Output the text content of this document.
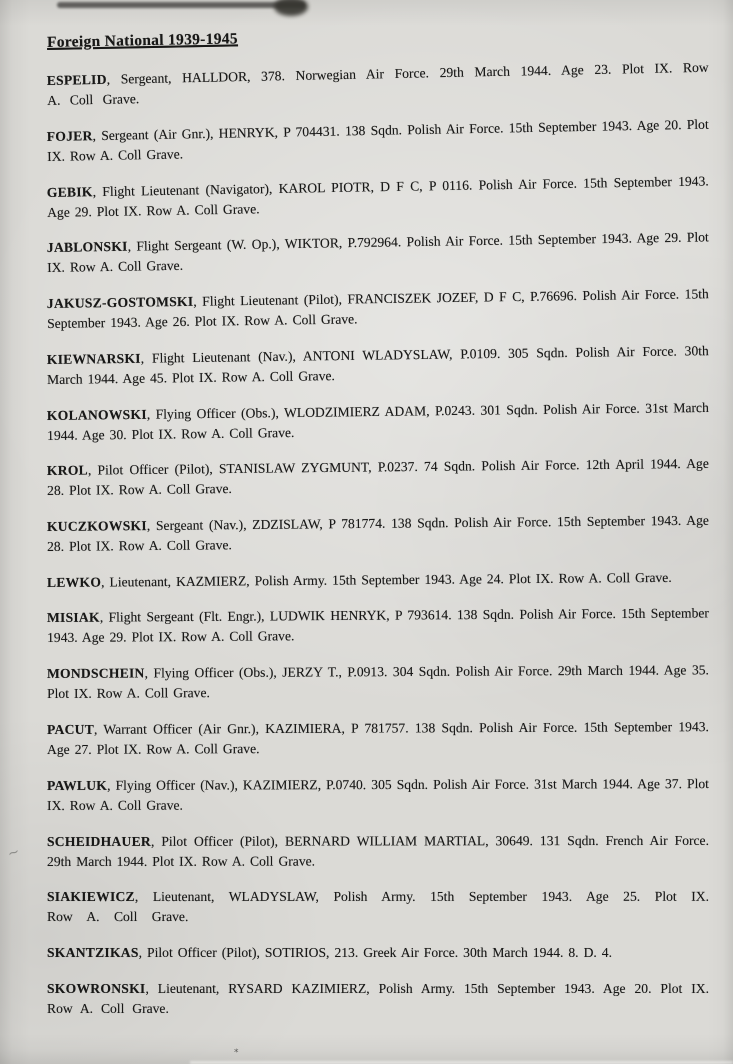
Foreign National 1939-1945

ESPELID, Sergeant, HALLDOR, 378. Norwegian Air Force. 29th March 1944. Age 23. Plot IX. Row A. Coll Grave.

FOJER, Sergeant (Air Gnr.), HENRYK, P 704431. 138 Sqdn. Polish Air Force. 15th September 1943. Age 20. Plot IX. Row A. Coll Grave.

GEBIK, Flight Lieutenant (Navigator), KAROL PIOTR, D F C, P 0116. Polish Air Force. 15th September 1943. Age 29. Plot IX. Row A. Coll Grave.

JABLONSKI, Flight Sergeant (W. Op.), WIKTOR, P.792964. Polish Air Force. 15th September 1943. Age 29. Plot IX. Row A. Coll Grave.

JAKUSZ-GOSTOMSKI, Flight Lieutenant (Pilot), FRANCISZEK JOZEF, D F C, P.76696. Polish Air Force. 15th September 1943. Age 26. Plot IX. Row A. Coll Grave.

KIEWNARSKI, Flight Lieutenant (Nav.), ANTONI WLADYSLAW, P.0109. 305 Sqdn. Polish Air Force. 30th March 1944. Age 45. Plot IX. Row A. Coll Grave.

KOLANOWSKI, Flying Officer (Obs.), WLODZIMIERZ ADAM, P.0243. 301 Sqdn. Polish Air Force. 31st March 1944. Age 30. Plot IX. Row A. Coll Grave.

KROL, Pilot Officer (Pilot), STANISLAW ZYGMUNT, P.0237. 74 Sqdn. Polish Air Force. 12th April 1944. Age 28. Plot IX. Row A. Coll Grave.

KUCZKOWSKI, Sergeant (Nav.), ZDZISLAW, P 781774. 138 Sqdn. Polish Air Force. 15th September 1943. Age 28. Plot IX. Row A. Coll Grave.

LEWKO, Lieutenant, KAZMIERZ, Polish Army. 15th September 1943. Age 24. Plot IX. Row A. Coll Grave.

MISIAK, Flight Sergeant (Flt. Engr.), LUDWIK HENRYK, P 793614. 138 Sqdn. Polish Air Force. 15th September 1943. Age 29. Plot IX. Row A. Coll Grave.

MONDSCHEIN, Flying Officer (Obs.), JERZY T., P.0913. 304 Sqdn. Polish Air Force. 29th March 1944. Age 35. Plot IX. Row A. Coll Grave.

PACUT, Warrant Officer (Air Gnr.), KAZIMIERA, P 781757. 138 Sqdn. Polish Air Force. 15th September 1943. Age 27. Plot IX. Row A. Coll Grave.

PAWLUK, Flying Officer (Nav.), KAZIMIERZ, P.0740. 305 Sqdn. Polish Air Force. 31st March 1944. Age 37. Plot IX. Row A. Coll Grave.

SCHEIDHAUER, Pilot Officer (Pilot), BERNARD WILLIAM MARTIAL, 30649. 131 Sqdn. French Air Force. 29th March 1944. Plot IX. Row A. Coll Grave.

SIAKIEWICZ, Lieutenant, WLADYSLAW, Polish Army. 15th September 1943. Age 25. Plot IX. Row A. Coll Grave.

SKANTZIKAS, Pilot Officer (Pilot), SOTIRIOS, 213. Greek Air Force. 30th March 1944. 8. D. 4.

SKOWRONSKI, Lieutenant, RYSARD KAZIMIERZ, Polish Army. 15th September 1943. Age 20. Plot IX. Row A. Coll Grave.

∼
⁎
